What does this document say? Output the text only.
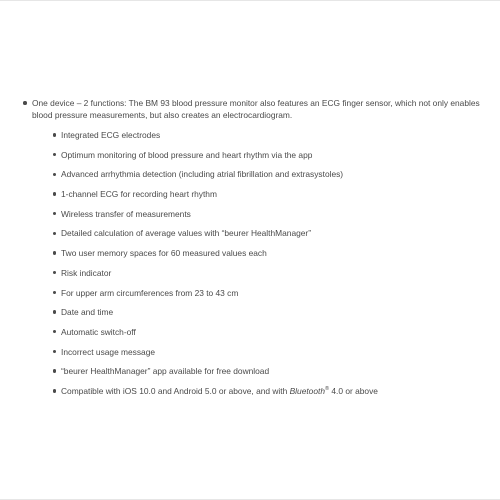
One device – 2 functions: The BM 93 blood pressure monitor also features an ECG finger sensor, which not only enables blood pressure measurements, but also creates an electrocardiogram.
Integrated ECG electrodes
Optimum monitoring of blood pressure and heart rhythm via the app
Advanced arrhythmia detection (including atrial fibrillation and extrasystoles)
1-channel ECG for recording heart rhythm
Wireless transfer of measurements
Detailed calculation of average values with “beurer HealthManager”
Two user memory spaces for 60 measured values each
Risk indicator
For upper arm circumferences from 23 to 43 cm
Date and time
Automatic switch-off
Incorrect usage message
“beurer HealthManager” app available for free download
Compatible with iOS 10.0 and Android 5.0 or above, and with Bluetooth® 4.0 or above
